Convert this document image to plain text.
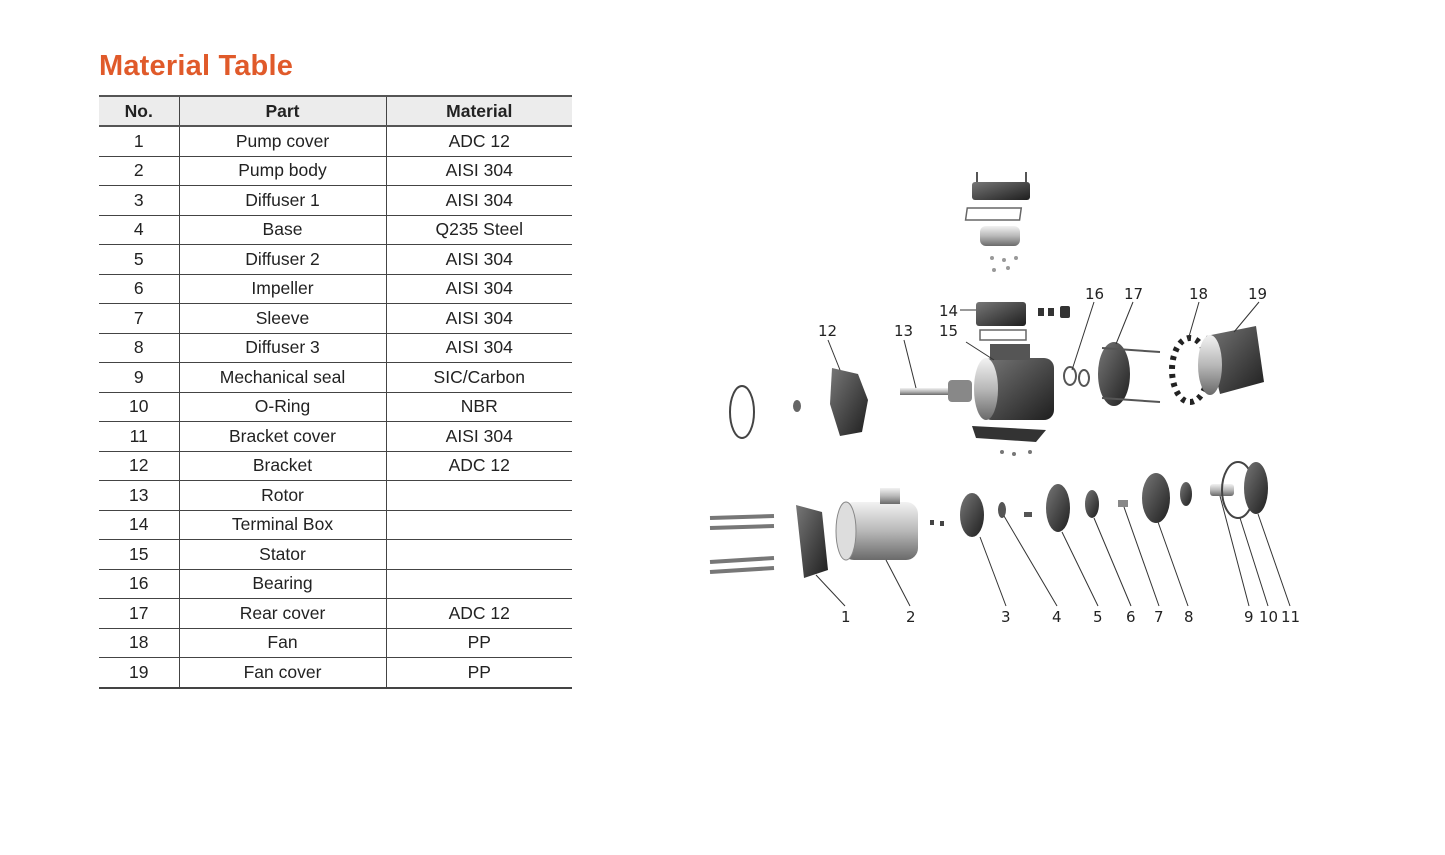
Material Table
No.	Part	Material
1	Pump cover	ADC 12
2	Pump body	AISI 304
3	Diffuser 1	AISI 304
4	Base	Q235 Steel
5	Diffuser 2	AISI 304
6	Impeller	AISI 304
7	Sleeve	AISI 304
8	Diffuser 3	AISI 304
9	Mechanical seal	SIC/Carbon
10	O-Ring	NBR
11	Bracket cover	AISI 304
12	Bracket	ADC 12
13	Rotor	
14	Terminal Box	
15	Stator	
16	Bearing	
17	Rear cover	ADC 12
18	Fan	PP
19	Fan cover	PP
12	13
14
15
16 17	18	19
1	2	3	4 5 6 7 8	9 10 11
